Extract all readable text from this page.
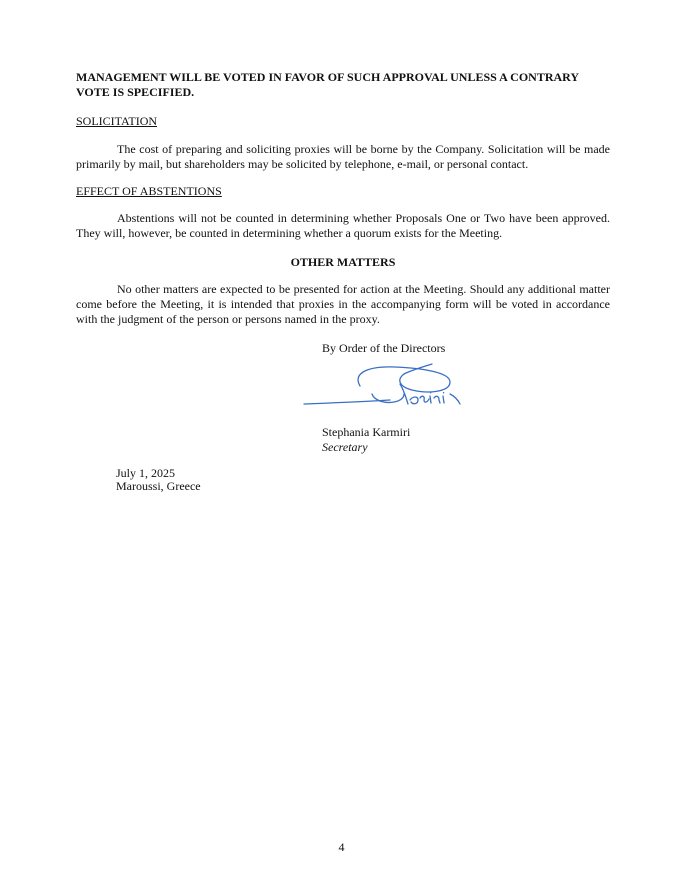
MANAGEMENT WILL BE VOTED IN FAVOR OF SUCH APPROVAL UNLESS A CONTRARY VOTE IS SPECIFIED.
SOLICITATION
The cost of preparing and soliciting proxies will be borne by the Company. Solicitation will be made primarily by mail, but shareholders may be solicited by telephone, e-mail, or personal contact.
EFFECT OF ABSTENTIONS
Abstentions will not be counted in determining whether Proposals One or Two have been approved. They will, however, be counted in determining whether a quorum exists for the Meeting.
OTHER MATTERS
No other matters are expected to be presented for action at the Meeting. Should any additional matter come before the Meeting, it is intended that proxies in the accompanying form will be voted in accordance with the judgment of the person or persons named in the proxy.
By Order of the Directors
Stephania Karmiri
Secretary
July 1, 2025
Maroussi, Greece
4
